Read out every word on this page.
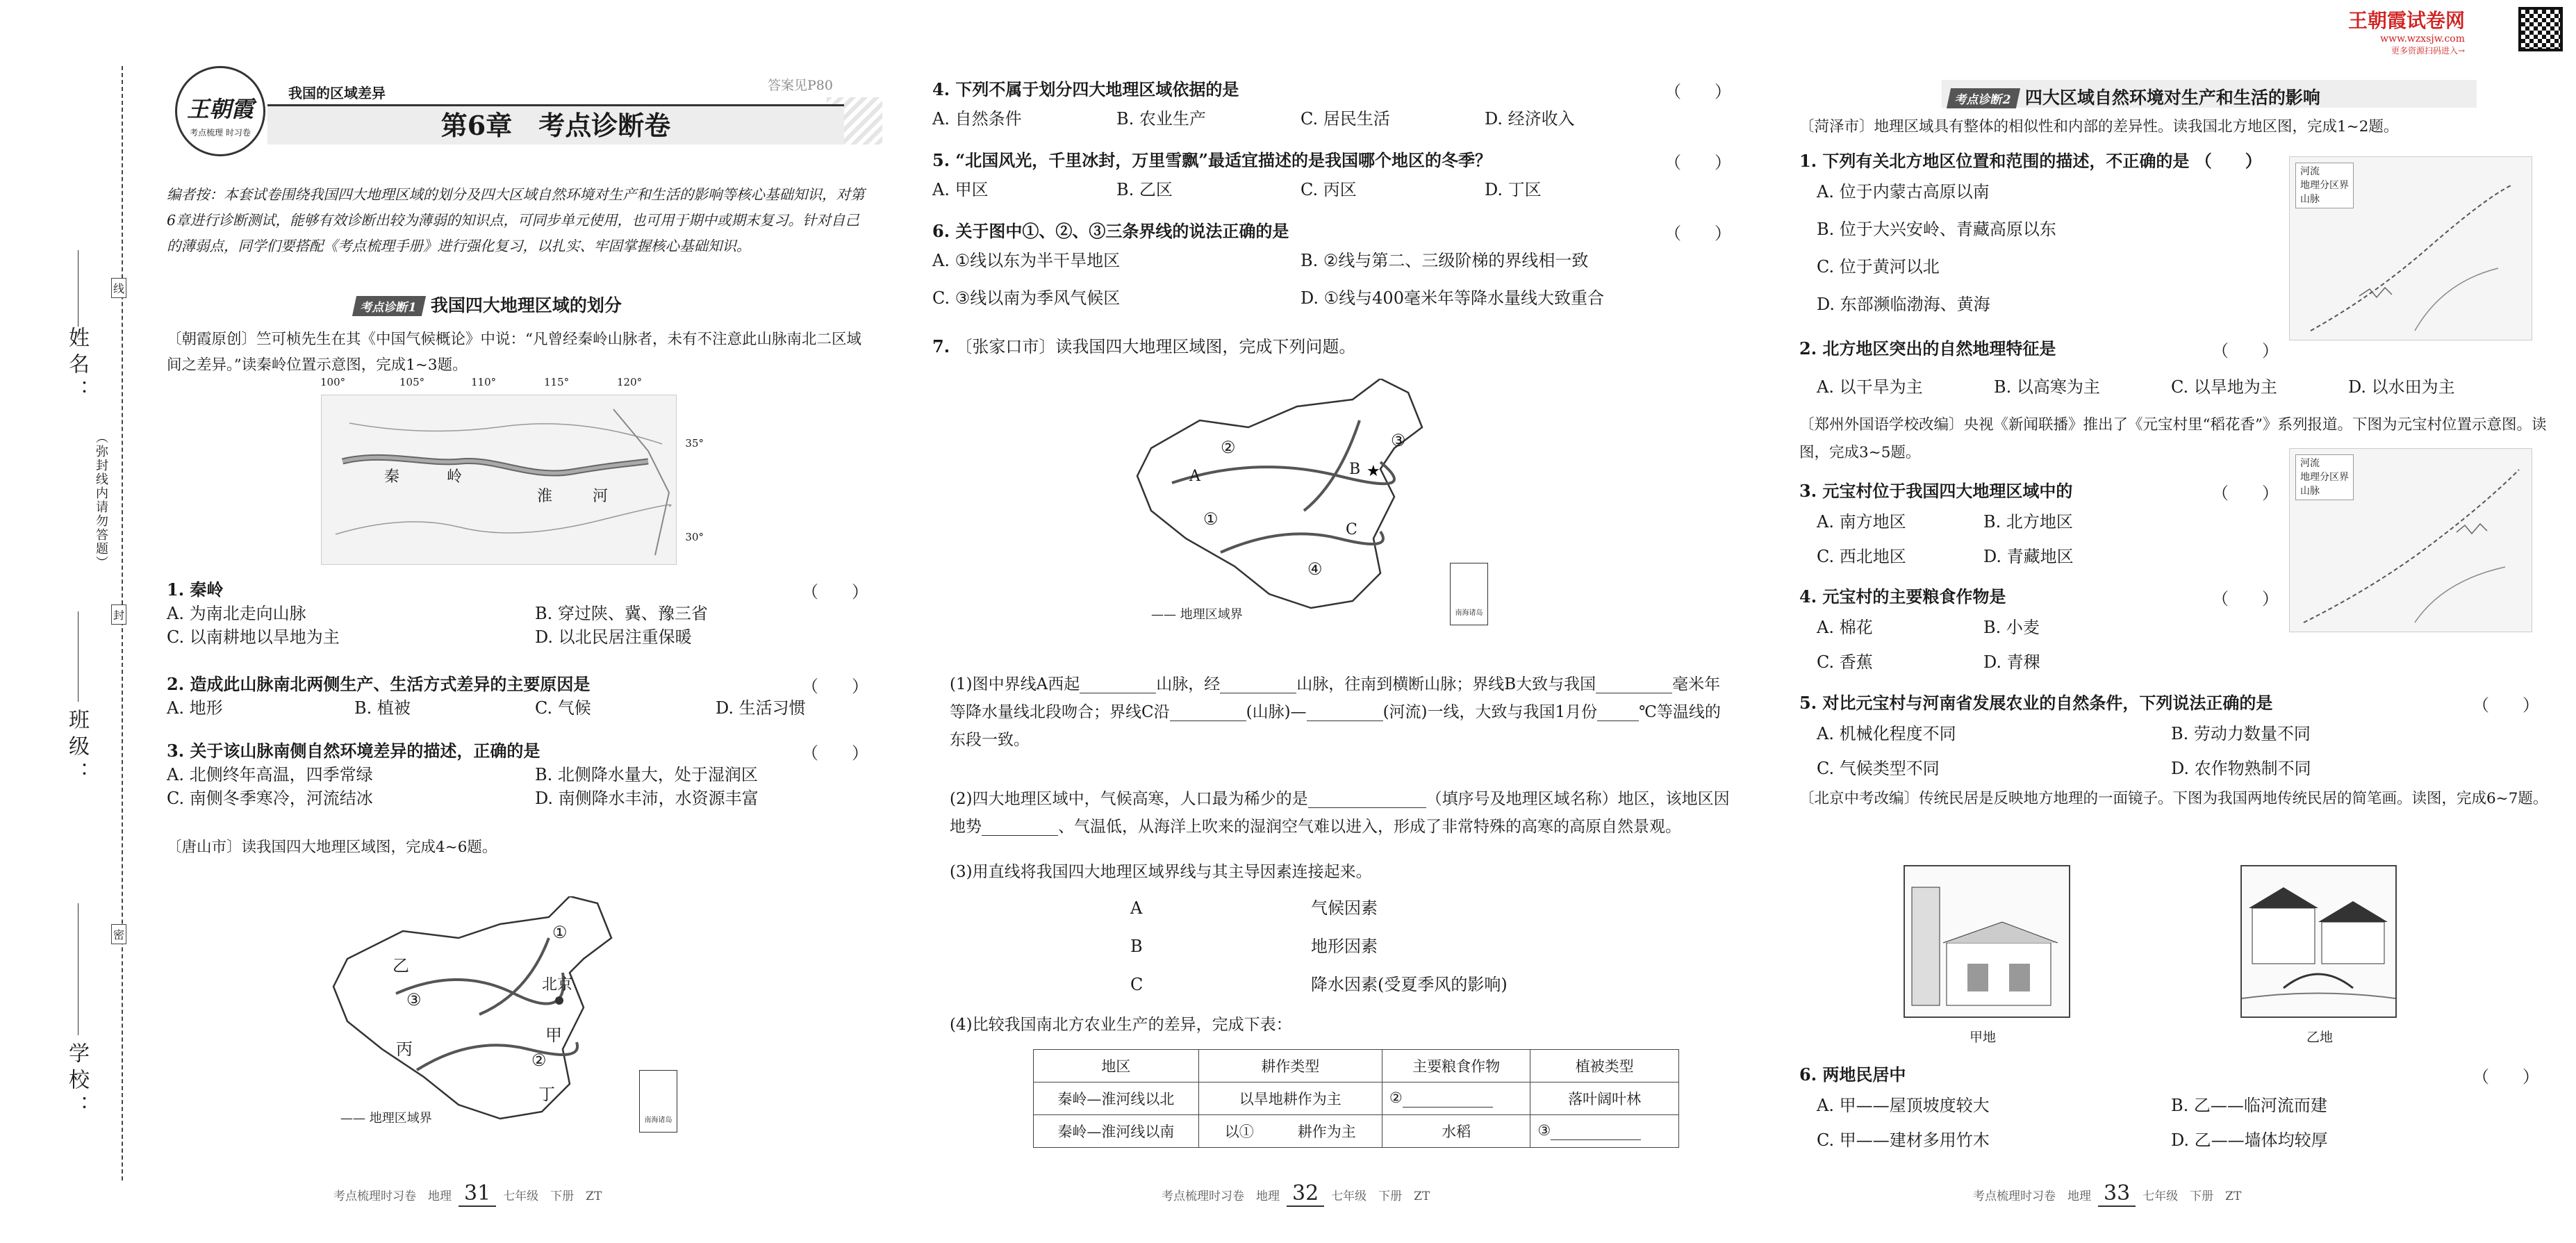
姓名：
（弥封线内请勿答题）
班级：
学校：
线
封
密
王朝霞
考点梳理 时习卷
我国的区域差异	答案见P80
第6章　考点诊断卷
编者按：本套试卷围绕我国四大地理区域的划分及四大区域自然环境对生产和生活的影响等核心基础知识，对第6章进行诊断测试，能够有效诊断出较为薄弱的知识点，可同步单元使用，也可用于期中或期末复习。针对自己的薄弱点，同学们要搭配《考点梳理手册》进行强化复习，以扎实、牢固掌握核心基础知识。
考点诊断1 我国四大地理区域的划分
〔朝霞原创〕竺可桢先生在其《中国气候概论》中说：“凡曾经秦岭山脉者，未有不注意此山脉南北二区域间之差异。”读秦岭位置示意图，完成1~3题。
100°	105°	110°	115°	120°
35°
30°
秦	岭
淮	河
1. 秦岭	（　　）
A. 为南北走向山脉	B. 穿过陕、冀、豫三省
C. 以南耕地以旱地为主	D. 以北民居注重保暖
2. 造成此山脉南北两侧生产、生活方式差异的主要原因是	（　　）
A. 地形	B. 植被	C. 气候	D. 生活习惯
3. 关于该山脉南侧自然环境差异的描述，正确的是	（　　）
A. 北侧终年高温，四季常绿	B. 北侧降水量大，处于湿润区
C. 南侧冬季寒冷，河流结冰	D. 南侧降水丰沛，水资源丰富
〔唐山市〕读我国四大地理区域图，完成4~6题。
①
乙
北京
③
甲
丙
②
丁
南海诸岛
—— 地理区域界
考点梳理时习卷　地理 31 七年级　下册　ZT
4. 下列不属于划分四大地理区域依据的是	（　　）
A. 自然条件	B. 农业生产	C. 居民生活	D. 经济收入
5. “北国风光，千里冰封，万里雪飘”最适宜描述的是我国哪个地区的冬季？	（　　）
A. 甲区	B. 乙区	C. 丙区	D. 丁区
6. 关于图中①、②、③三条界线的说法正确的是	（　　）
A. ①线以东为半干旱地区	B. ②线与第二、三级阶梯的界线相一致
C. ③线以南为季风气候区	D. ①线与400毫米年等降水量线大致重合
7. 〔张家口市〕读我国四大地理区域图，完成下列问题。
★
③
②
B
A
①
C
④
南海诸岛
—— 地理区域界
(1)图中界线A西起	山脉，经	山脉，往南到横断山脉；界线B大致与我国	毫米年等降水量线北段吻合；界线C沿	(山脉)—	(河流)一线，大致与我国1月份	℃等温线的东段一致。
(2)四大地理区域中，气候高寒，人口最为稀少的是	（填序号及地理区域名称）地区，该地区因地势	、气温低，从海洋上吹来的湿润空气难以进入，形成了非常特殊的高寒的高原自然景观。
(3)用直线将我国四大地理区域界线与其主导因素连接起来。
A
B
C
气候因素
地形因素
降水因素(受夏季风的影响)
(4)比较我国南北方农业生产的差异，完成下表：
地区	耕作类型	主要粮食作物	植被类型
秦岭—淮河线以北	以旱地耕作为主	②	落叶阔叶林
秦岭—淮河线以南	以①　　　耕作为主	水稻	③
考点梳理时习卷　地理 32 七年级　下册　ZT
王朝霞试卷网
www.wzxsjw.com
更多资源扫码进入→
考点诊断2 四大区域自然环境对生产和生活的影响
〔菏泽市〕地理区域具有整体的相似性和内部的差异性。读我国北方地区图，完成1~2题。
河流
地理分区界
山脉
1. 下列有关北方地区位置和范围的描述，不正确的是 （　　）
A. 位于内蒙古高原以南
B. 位于大兴安岭、青藏高原以东
C. 位于黄河以北
D. 东部濒临渤海、黄海
2. 北方地区突出的自然地理特征是	（　　）
A. 以干旱为主	B. 以高寒为主	C. 以旱地为主	D. 以水田为主
〔郑州外国语学校改编〕央视《新闻联播》推出了《元宝村里“稻花香”》系列报道。下图为元宝村位置示意图。读图，完成3~5题。
河流
地理分区界
山脉
3. 元宝村位于我国四大地理区域中的	（　　）
A. 南方地区	B. 北方地区
C. 西北地区	D. 青藏地区
4. 元宝村的主要粮食作物是	（　　）
A. 棉花	B. 小麦
C. 香蕉	D. 青稞
5. 对比元宝村与河南省发展农业的自然条件，下列说法正确的是	（　　）
A. 机械化程度不同	B. 劳动力数量不同
C. 气候类型不同	D. 农作物熟制不同
〔北京中考改编〕传统民居是反映地方地理的一面镜子。下图为我国两地传统民居的简笔画。读图，完成6~7题。
甲地	乙地
6. 两地民居中	（　　）
A. 甲——屋顶坡度较大	B. 乙——临河流而建
C. 甲——建材多用竹木	D. 乙——墙体均较厚
考点梳理时习卷　地理 33 七年级　下册　ZT
